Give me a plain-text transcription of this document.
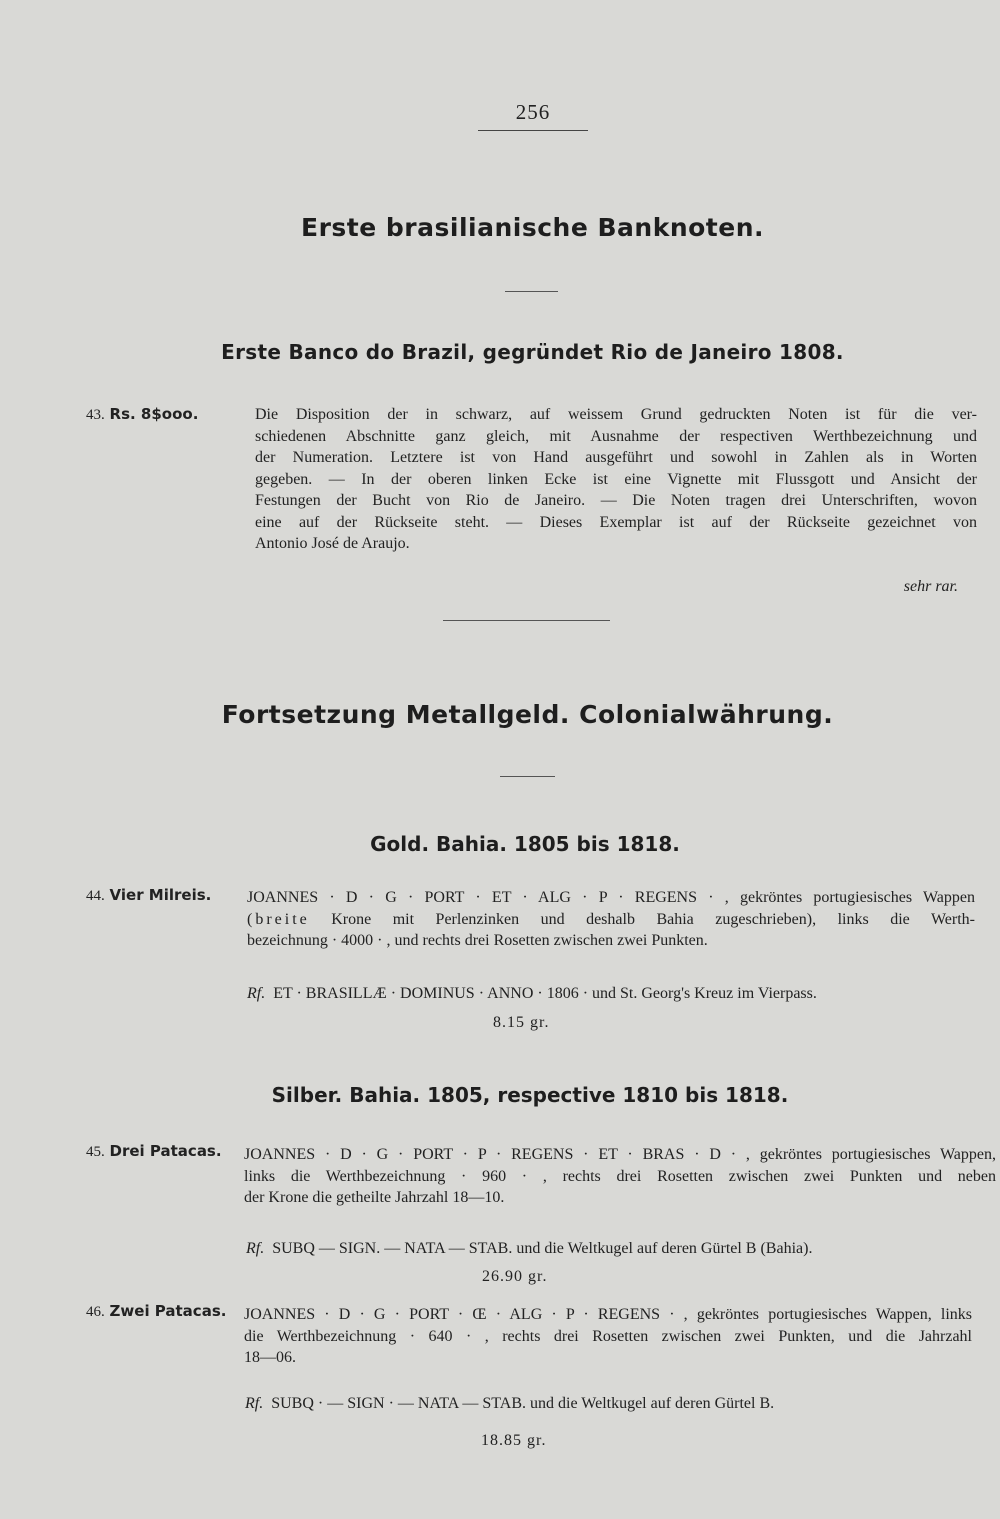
256
Erste brasilianische Banknoten.
Erste Banco do Brazil, gegründet Rio de Janeiro 1808.
43. Rs. 8$ooo.	Die Disposition der in schwarz, auf weissem Grund gedruckten Noten ist für die ver-
schiedenen Abschnitte ganz gleich, mit Ausnahme der respectiven Werthbezeichnung und
der Numeration. Letztere ist von Hand ausgeführt und sowohl in Zahlen als in Worten
gegeben. — In der oberen linken Ecke ist eine Vignette mit Flussgott und Ansicht der
Festungen der Bucht von Rio de Janeiro. — Die Noten tragen drei Unterschriften, wovon
eine auf der Rückseite steht. — Dieses Exemplar ist auf der Rückseite gezeichnet von
Antonio José de Araujo.
sehr rar.
Fortsetzung Metallgeld. Colonialwährung.
Gold. Bahia. 1805 bis 1818.
44. Vier Milreis. JOANNES · D · G · PORT · ET · ALG · P · REGENS · , gekröntes portugiesisches Wappen
(breite Krone mit Perlenzinken und deshalb Bahia zugeschrieben), links die Werth-
bezeichnung · 4000 · , und rechts drei Rosetten zwischen zwei Punkten.
Rf. ET · BRASILLÆ · DOMINUS · ANNO · 1806 · und St. Georg's Kreuz im Vierpass.
8.15 gr.
Silber. Bahia. 1805, respective 1810 bis 1818.
45. Drei Patacas. JOANNES · D · G · PORT · P · REGENS · ET · BRAS · D · , gekröntes portugiesisches Wappen,
links die Werthbezeichnung · 960 · , rechts drei Rosetten zwischen zwei Punkten und neben
der Krone die getheilte Jahrzahl 18—10.
Rf. SUBQ — SIGN. — NATA — STAB. und die Weltkugel auf deren Gürtel B (Bahia).
26.90 gr.
46. Zwei Patacas. JOANNES · D · G · PORT · Œ · ALG · P · REGENS · , gekröntes portugiesisches Wappen, links
die Werthbezeichnung · 640 · , rechts drei Rosetten zwischen zwei Punkten, und die Jahrzahl
18—06.
Rf. SUBQ · — SIGN · — NATA — STAB. und die Weltkugel auf deren Gürtel B.
18.85 gr.
